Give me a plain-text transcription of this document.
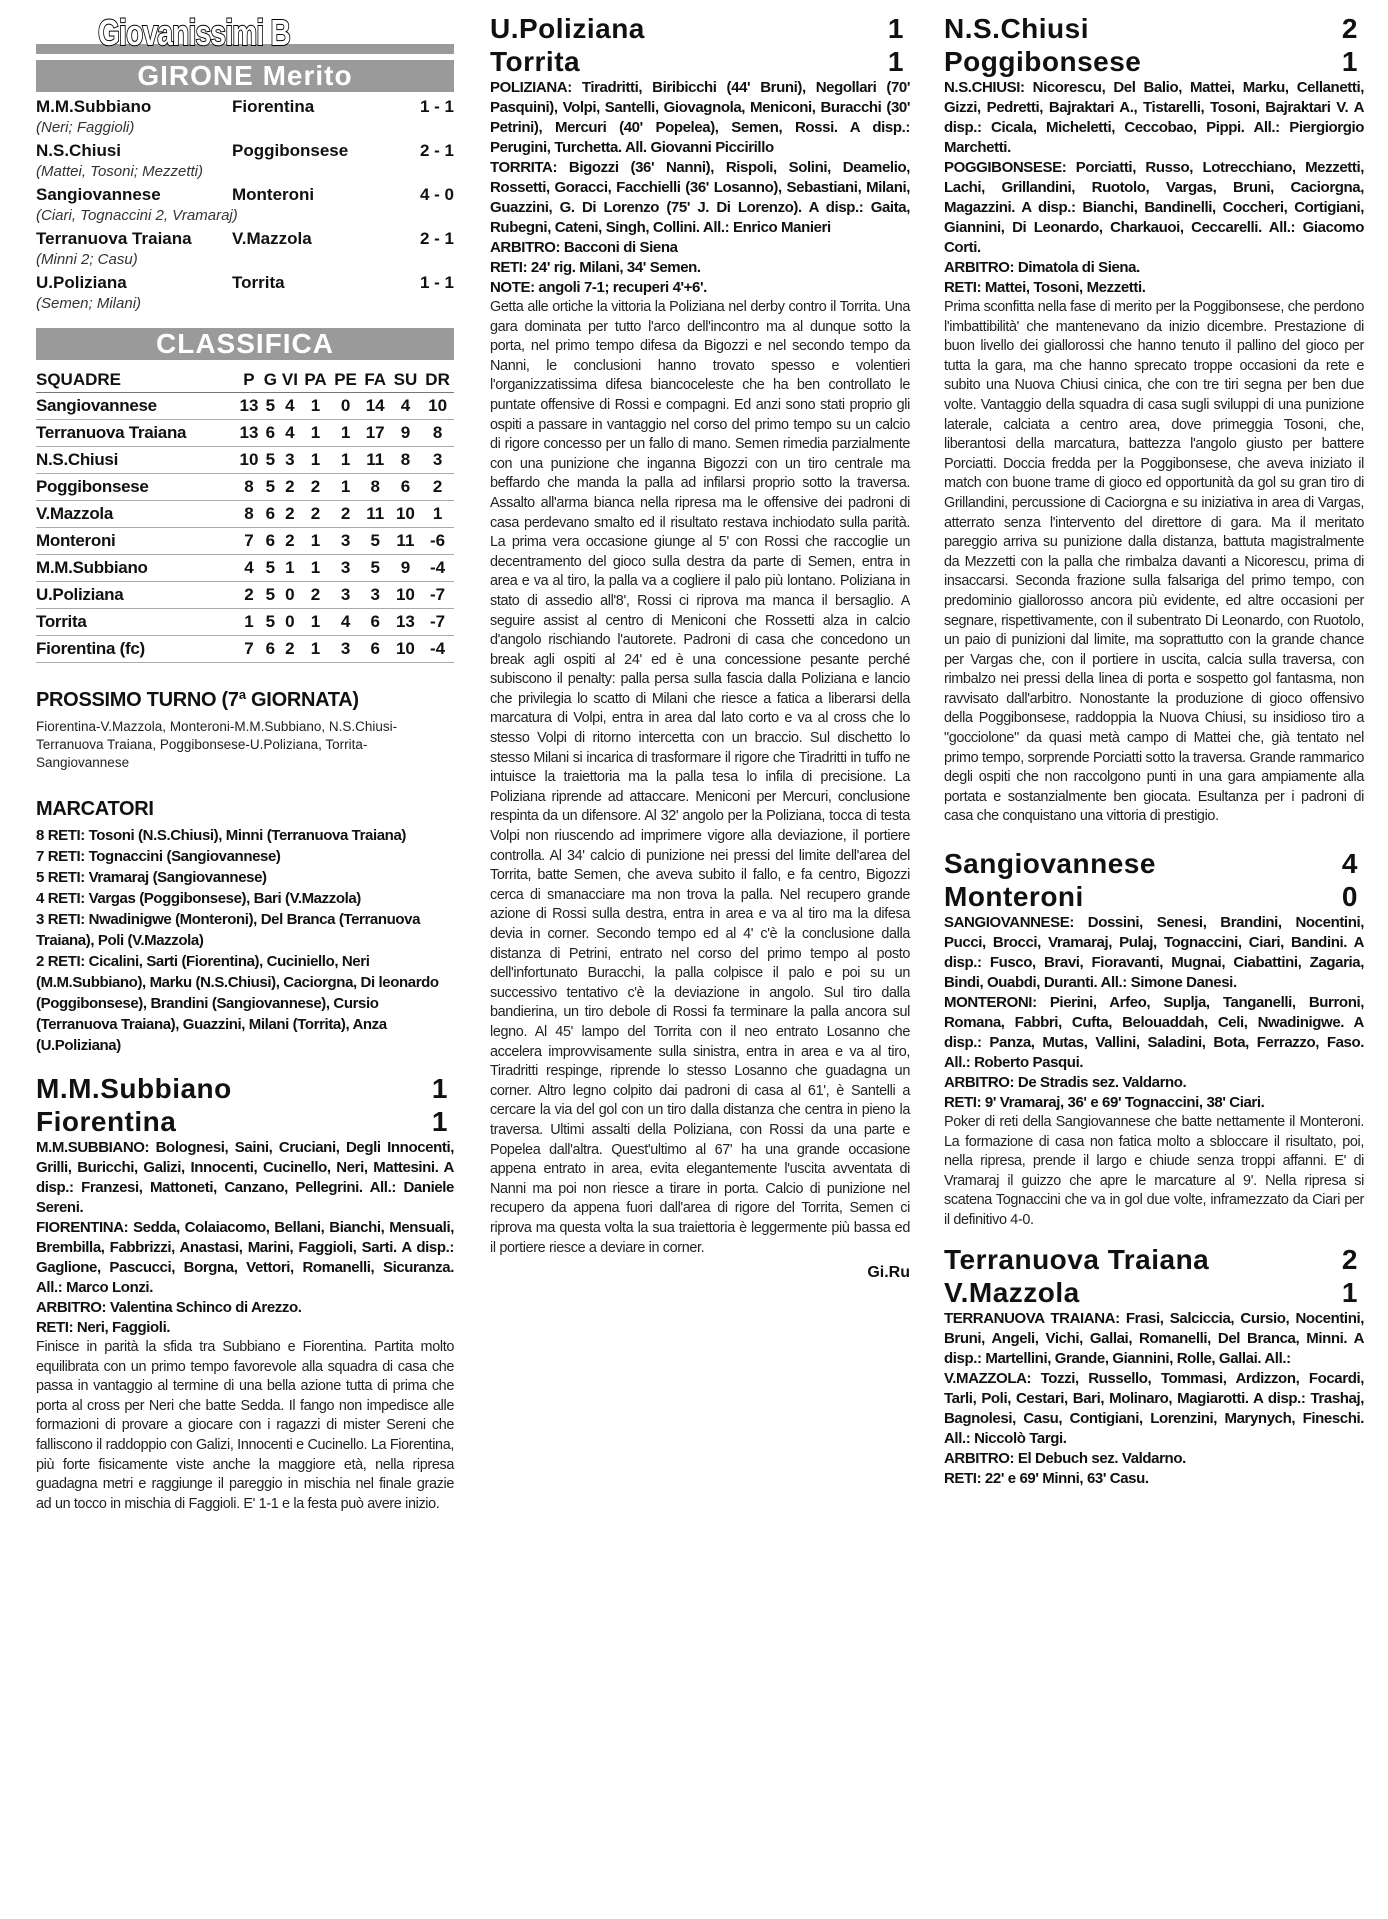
Giovanissimi B
GIRONE Merito
M.M.Subbiano	Fiorentina	1 - 1
(Neri; Faggioli)
N.S.Chiusi	Poggibonsese	2 - 1
(Mattei, Tosoni; Mezzetti)
Sangiovannese	Monteroni	4 - 0
(Ciari, Tognaccini 2, Vramaraj)
Terranuova Traiana	V.Mazzola	2 - 1
(Minni 2; Casu)
U.Poliziana	Torrita	1 - 1
(Semen; Milani)
CLASSIFICA
SQUADRE	P	G	VI	PA	PE	FA	SU	DR
Sangiovannese	13	5	4	1	0	14	4	10
Terranuova Traiana	13	6	4	1	1	17	9	8
N.S.Chiusi	10	5	3	1	1	11	8	3
Poggibonsese	8	5	2	2	1	8	6	2
V.Mazzola	8	6	2	2	2	11	10	1
Monteroni	7	6	2	1	3	5	11	-6
M.M.Subbiano	4	5	1	1	3	5	9	-4
U.Poliziana	2	5	0	2	3	3	10	-7
Torrita	1	5	0	1	4	6	13	-7
Fiorentina (fc)	7	6	2	1	3	6	10	-4
PROSSIMO TURNO (7ª GIORNATA)
Fiorentina-V.Mazzola, Monteroni-M.M.Subbiano, N.S.Chiusi-Terranuova Traiana, Poggibonsese-U.Poliziana, Torrita-Sangiovannese
MARCATORI
8 RETI: Tosoni (N.S.Chiusi), Minni (Terranuova Traiana)
7 RETI: Tognaccini (Sangiovannese)
5 RETI: Vramaraj (Sangiovannese)
4 RETI: Vargas (Poggibonsese), Bari (V.Mazzola)
3 RETI: Nwadinigwe (Monteroni), Del Branca (Terranuova Traiana), Poli (V.Mazzola)
2 RETI: Cicalini, Sarti (Fiorentina), Cuciniello, Neri (M.M.Subbiano), Marku (N.S.Chiusi), Caciorgna, Di leonardo (Poggibonsese), Brandini (Sangiovannese), Cursio (Terranuova Traiana), Guazzini, Milani (Torrita), Anza (U.Poliziana)
M.M.Subbiano	1
Fiorentina	1
M.M.SUBBIANO: Bolognesi, Saini, Cruciani, Degli Innocenti, Grilli, Buricchi, Galizi, Innocenti, Cucinello, Neri, Mattesini. A disp.: Franzesi, Mattoneti, Canzano, Pellegrini. All.: Daniele Sereni.
FIORENTINA: Sedda, Colaiacomo, Bellani, Bianchi, Mensuali, Brembilla, Fabbrizzi, Anastasi, Marini, Faggioli, Sarti. A disp.: Gaglione, Pascucci, Borgna, Vettori, Romanelli, Sicuranza. All.: Marco Lonzi.
ARBITRO: Valentina Schinco di Arezzo.
RETI: Neri, Faggioli.
Finisce in parità la sfida tra Subbiano e Fiorentina. Partita molto equilibrata con un primo tempo favorevole alla squadra di casa che passa in vantaggio al termine di una bella azione tutta di prima che porta al cross per Neri che batte Sedda. Il fango non impedisce alle formazioni di provare a giocare con i ragazzi di mister Sereni che falliscono il raddoppio con Galizi, Innocenti e Cucinello. La Fiorentina, più forte fisicamente viste anche la maggiore età, nella ripresa guadagna metri e raggiunge il pareggio in mischia nel finale grazie ad un tocco in mischia di Faggioli. E' 1-1 e la festa può avere inizio.
U.Poliziana	1
Torrita	1
POLIZIANA: Tiradritti, Biribicchi (44' Bruni), Negollari (70' Pasquini), Volpi, Santelli, Giovagnola, Meniconi, Buracchi (30' Petrini), Mercuri (40' Popelea), Semen, Rossi. A disp.: Perugini, Turchetta. All. Giovanni Piccirillo
TORRITA: Bigozzi (36' Nanni), Rispoli, Solini, Deamelio, Rossetti, Goracci, Facchielli (36' Losanno), Sebastiani, Milani, Guazzini, G. Di Lorenzo (75' J. Di Lorenzo). A disp.: Gaita, Rubegni, Cateni, Singh, Collini. All.: Enrico Manieri
ARBITRO: Bacconi di Siena
RETI: 24' rig. Milani, 34' Semen.
NOTE: angoli 7-1; recuperi 4'+6'.
Getta alle ortiche la vittoria la Poliziana nel derby contro il Torrita. Una gara dominata per tutto l'arco dell'incontro ma al dunque sotto la porta, nel primo tempo difesa da Bigozzi e nel secondo tempo da Nanni, le conclusioni hanno trovato spesso e volentieri l'organizzatissima difesa biancoceleste che ha ben controllato le puntate offensive di Rossi e compagni. Ed anzi sono stati proprio gli ospiti a passare in vantaggio nel corso del primo tempo su un calcio di rigore concesso per un fallo di mano. Semen rimedia parzialmente con una punizione che inganna Bigozzi con un tiro centrale ma beffardo che manda la palla ad infilarsi proprio sotto la traversa. Assalto all'arma bianca nella ripresa ma le offensive dei padroni di casa perdevano smalto ed il risultato restava inchiodato sulla parità. La prima vera occasione giunge al 5' con Rossi che raccoglie un decentramento del gioco sulla destra da parte di Semen, entra in area e va al tiro, la palla va a cogliere il palo più lontano. Poliziana in stato di assedio all'8', Rossi ci riprova ma manca il bersaglio. A seguire assist al centro di Meniconi che Rossetti alza in calcio d'angolo rischiando l'autorete. Padroni di casa che concedono un break agli ospiti al 24' ed è una concessione pesante perché subiscono il penalty: palla persa sulla fascia dalla Poliziana e lancio che privilegia lo scatto di Milani che riesce a fatica a liberarsi della marcatura di Volpi, entra in area dal lato corto e va al cross che lo stesso Volpi di ritorno intercetta con un braccio. Sul dischetto lo stesso Milani si incarica di trasformare il rigore che Tiradritti in tuffo ne intuisce la traiettoria ma la palla tesa lo infila di precisione. La Poliziana riprende ad attaccare. Meniconi per Mercuri, conclusione respinta da un difensore. Al 32' angolo per la Poliziana, tocca di testa Volpi non riuscendo ad imprimere vigore alla deviazione, il portiere controlla. Al 34' calcio di punizione nei pressi del limite dell'area del Torrita, batte Semen, che aveva subito il fallo, e fa centro, Bigozzi cerca di smanacciare ma non trova la palla. Nel recupero grande azione di Rossi sulla destra, entra in area e va al tiro ma la difesa devia in corner. Secondo tempo ed al 4' c'è la conclusione dalla distanza di Petrini, entrato nel corso del primo tempo al posto dell'infortunato Buracchi, la palla colpisce il palo e poi su un successivo tentativo c'è la deviazione in angolo. Sul tiro dalla bandierina, un tiro debole di Rossi fa terminare la palla ancora sul legno. Al 45' lampo del Torrita con il neo entrato Losanno che accelera improvvisamente sulla sinistra, entra in area e va al tiro, Tiradritti respinge, riprende lo stesso Losanno che guadagna un corner. Altro legno colpito dai padroni di casa al 61', è Santelli a cercare la via del gol con un tiro dalla distanza che centra in pieno la traversa. Ultimi assalti della Poliziana, con Rossi da una parte e Popelea dall'altra. Quest'ultimo al 67' ha una grande occasione appena entrato in area, evita elegantemente l'uscita avventata di Nanni ma poi non riesce a tirare in porta. Calcio di punizione nel recupero da appena fuori dall'area di rigore del Torrita, Semen ci riprova ma questa volta la sua traiettoria è leggermente più bassa ed il portiere riesce a deviare in corner.
Gi.Ru
N.S.Chiusi	2
Poggibonsese	1
N.S.CHIUSI: Nicorescu, Del Balio, Mattei, Marku, Cellanetti, Gizzi, Pedretti, Bajraktari A., Tistarelli, Tosoni, Bajraktari V. A disp.: Cicala, Micheletti, Ceccobao, Pippi. All.: Piergiorgio Marchetti.
POGGIBONSESE: Porciatti, Russo, Lotrecchiano, Mezzetti, Lachi, Grillandini, Ruotolo, Vargas, Bruni, Caciorgna, Magazzini. A disp.: Bianchi, Bandinelli, Coccheri, Cortigiani, Giannini, Di Leonardo, Charkauoi, Ceccarelli. All.: Giacomo Corti.
ARBITRO: Dimatola di Siena.
RETI: Mattei, Tosoni, Mezzetti.
Prima sconfitta nella fase di merito per la Poggibonsese, che perdono l'imbattibilità' che mantenevano da inizio dicembre. Prestazione di buon livello dei giallorossi che hanno tenuto il pallino del gioco per tutta la gara, ma che hanno sprecato troppe occasioni da rete e subito una Nuova Chiusi cinica, che con tre tiri segna per ben due volte. Vantaggio della squadra di casa sugli sviluppi di una punizione laterale, calciata a centro area, dove primeggia Tosoni, che, liberantosi della marcatura, battezza l'angolo giusto per battere Porciatti. Doccia fredda per la Poggibonsese, che aveva iniziato il match con buone trame di gioco ed opportunità da gol su gran tiro di Grillandini, percussione di Caciorgna e su iniziativa in area di Vargas, atterrato senza l'intervento del direttore di gara. Ma il meritato pareggio arriva su punizione dalla distanza, battuta magistralmente da Mezzetti con la palla che rimbalza davanti a Nicorescu, prima di insaccarsi. Seconda frazione sulla falsariga del primo tempo, con predominio giallorosso ancora più evidente, ed altre occasioni per segnare, rispettivamente, con il subentrato Di Leonardo, con Ruotolo, un paio di punizioni dal limite, ma soprattutto con la grande chance per Vargas che, con il portiere in uscita, calcia sulla traversa, con rimbalzo nei pressi della linea di porta e sospetto gol fantasma, non ravvisato dall'arbitro. Nonostante la produzione di gioco offensivo della Poggibonsese, raddoppia la Nuova Chiusi, su insidioso tiro a "gocciolone" da quasi metà campo di Mattei che, già tentato nel primo tempo, sorprende Porciatti sotto la traversa. Grande rammarico degli ospiti che non raccolgono punti in una gara ampiamente alla portata e sostanzialmente ben giocata. Esultanza per i padroni di casa che conquistano una vittoria di prestigio.
Sangiovannese	4
Monteroni	0
SANGIOVANNESE: Dossini, Senesi, Brandini, Nocentini, Pucci, Brocci, Vramaraj, Pulaj, Tognaccini, Ciari, Bandini. A disp.: Fusco, Bravi, Fioravanti, Mugnai, Ciabattini, Zagaria, Bindi, Ouabdi, Duranti. All.: Simone Danesi.
MONTERONI: Pierini, Arfeo, Suplja, Tanganelli, Burroni, Romana, Fabbri, Cufta, Belouaddah, Celi, Nwadinigwe. A disp.: Panza, Mutas, Vallini, Saladini, Bota, Ferrazzo, Faso. All.: Roberto Pasqui.
ARBITRO: De Stradis sez. Valdarno.
RETI: 9' Vramaraj, 36' e 69' Tognaccini, 38' Ciari.
Poker di reti della Sangiovannese che batte nettamente il Monteroni. La formazione di casa non fatica molto a sbloccare il risultato, poi, nella ripresa, prende il largo e chiude senza troppi affanni. E' di Vramaraj il guizzo che apre le marcature al 9'. Nella ripresa si scatena Tognaccini che va in gol due volte, inframezzato da Ciari per il definitivo 4-0.
Terranuova Traiana	2
V.Mazzola	1
TERRANUOVA TRAIANA: Frasi, Salciccia, Cursio, Nocentini, Bruni, Angeli, Vichi, Gallai, Romanelli, Del Branca, Minni. A disp.: Martellini, Grande, Giannini, Rolle, Gallai. All.:
V.MAZZOLA: Tozzi, Russello, Tommasi, Ardizzon, Focardi, Tarli, Poli, Cestari, Bari, Molinaro, Magiarotti. A disp.: Trashaj, Bagnolesi, Casu, Contigiani, Lorenzini, Marynych, Fineschi. All.: Niccolò Targi.
ARBITRO: El Debuch sez. Valdarno.
RETI: 22' e 69' Minni, 63' Casu.
